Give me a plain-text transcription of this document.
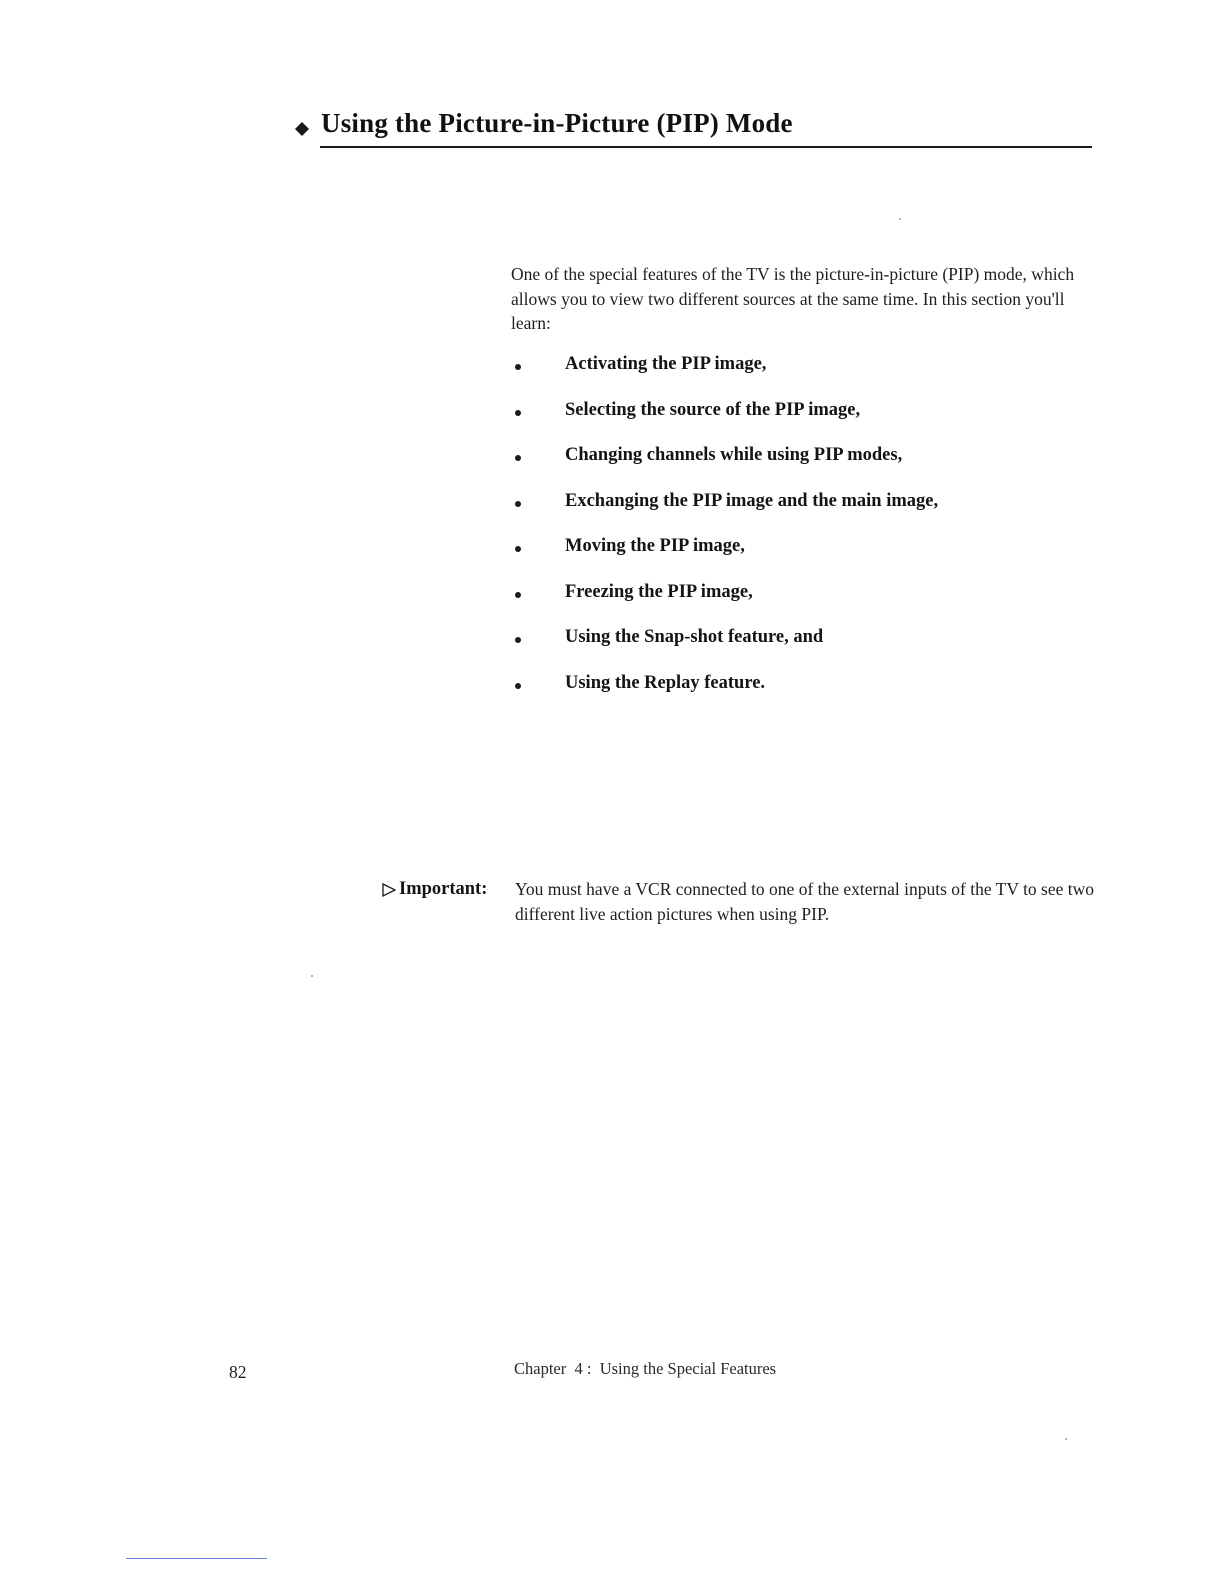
Using the Picture-in-Picture (PIP) Mode

One of the special features of the TV is the picture-in-picture (PIP) mode, which allows you to view two different sources at the same time. In this section you'll learn:

Activating the PIP image,
Selecting the source of the PIP image,
Changing channels while using PIP modes,
Exchanging the PIP image and the main image,
Moving the PIP image,
Freezing the PIP image,
Using the Snap-shot feature, and
Using the Replay feature.
Important: You must have a VCR connected to one of the external inputs of the TV to see two different live action pictures when using PIP.

82	Chapter  4 :  Using the Special Features
